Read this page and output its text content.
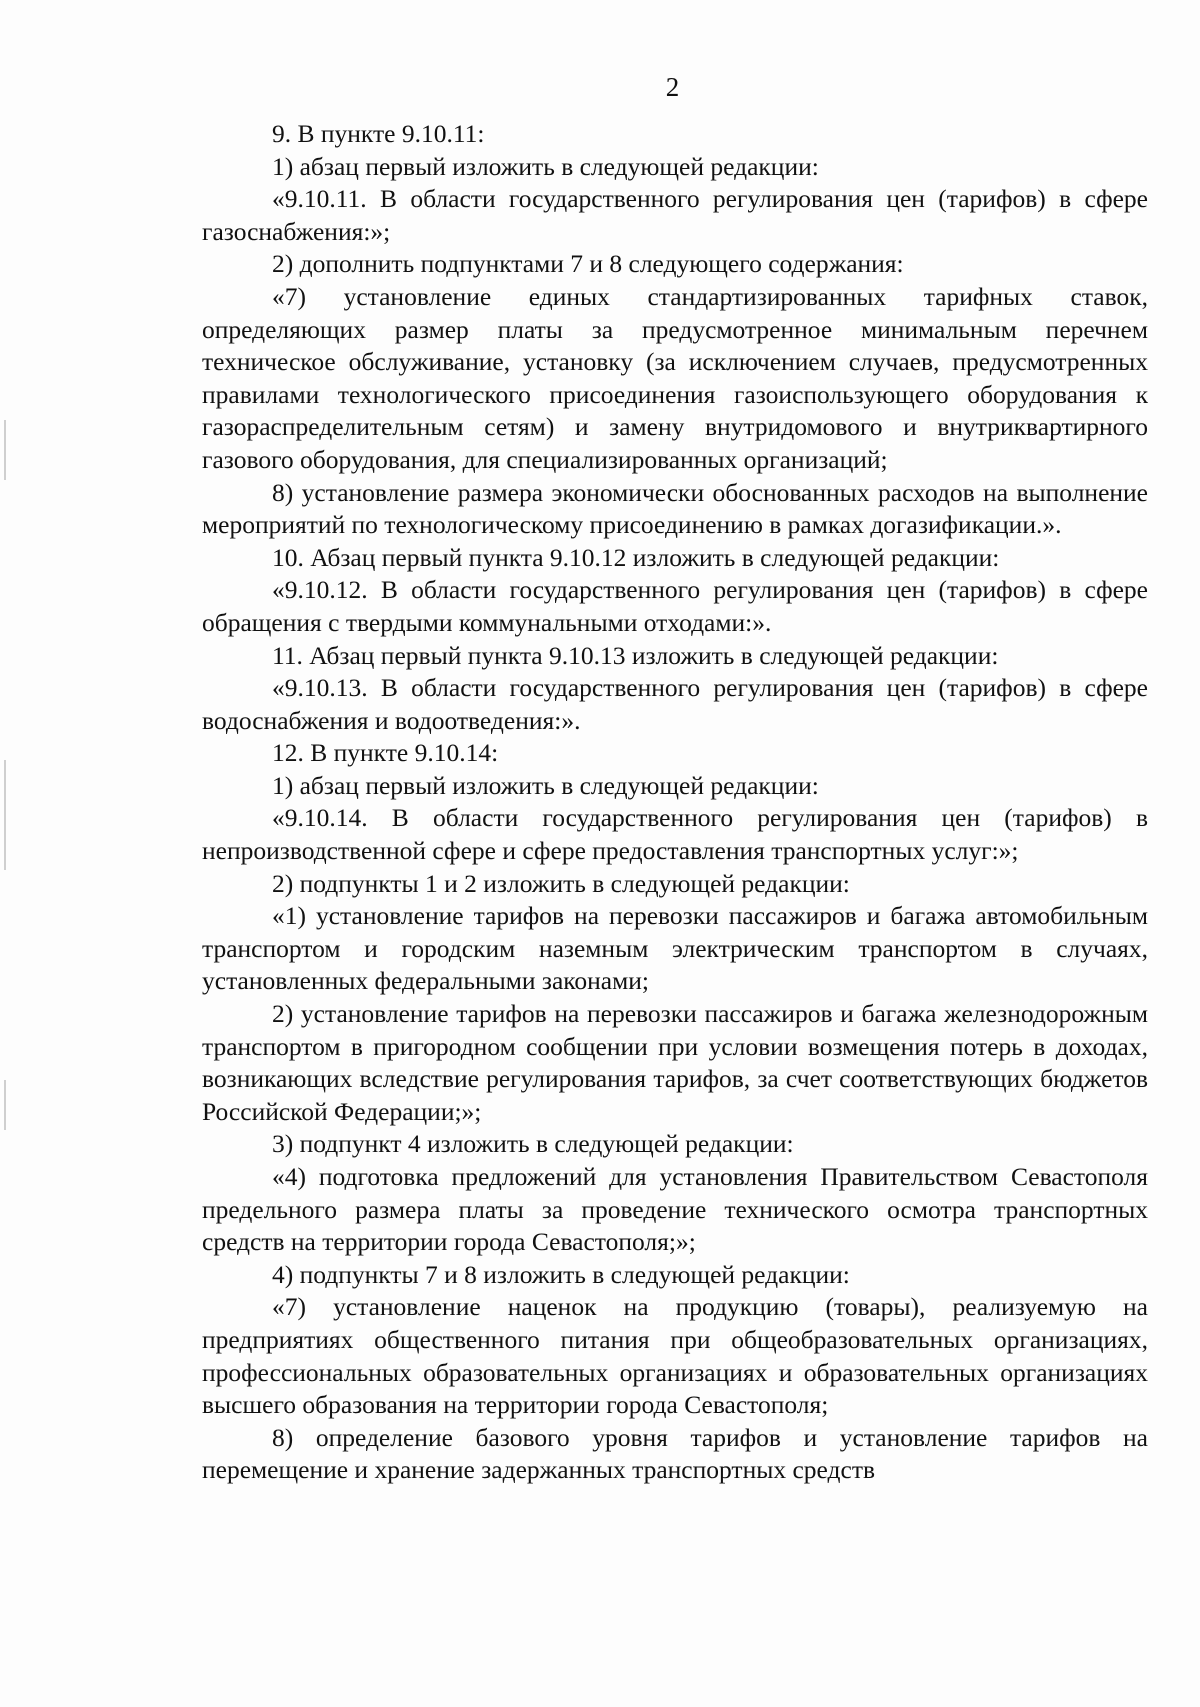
2

9. В пункте 9.10.11:

1) абзац первый изложить в следующей редакции:

«9.10.11. В области государственного регулирования цен (тарифов) в сфере газоснабжения:»;

2) дополнить подпунктами 7 и 8 следующего содержания:

«7) установление единых стандартизированных тарифных ставок, определяющих размер платы за предусмотренное минимальным перечнем техническое обслуживание, установку (за исключением случаев, предусмотренных правилами технологического присоединения газоиспользующего оборудования к газораспределительным сетям) и замену внутридомового и внутриквартирного газового оборудования, для специализированных организаций;

8) установление размера экономически обоснованных расходов на выполнение мероприятий по технологическому присоединению в рамках догазификации.».

10. Абзац первый пункта 9.10.12 изложить в следующей редакции:

«9.10.12. В области государственного регулирования цен (тарифов) в сфере обращения с твердыми коммунальными отходами:».

11. Абзац первый пункта 9.10.13 изложить в следующей редакции:

«9.10.13. В области государственного регулирования цен (тарифов) в сфере водоснабжения и водоотведения:».

12. В пункте 9.10.14:

1) абзац первый изложить в следующей редакции:

«9.10.14. В области государственного регулирования цен (тарифов) в непроизводственной сфере и сфере предоставления транспортных услуг:»;

2) подпункты 1 и 2 изложить в следующей редакции:

«1) установление тарифов на перевозки пассажиров и багажа автомобильным транспортом и городским наземным электрическим транспортом в случаях, установленных федеральными законами;

2) установление тарифов на перевозки пассажиров и багажа железнодорожным транспортом в пригородном сообщении при условии возмещения потерь в доходах, возникающих вследствие регулирования тарифов, за счет соответствующих бюджетов Российской Федерации;»;

3) подпункт 4 изложить в следующей редакции:

«4) подготовка предложений для установления Правительством Севастополя предельного размера платы за проведение технического осмотра транспортных средств на территории города Севастополя;»;

4) подпункты 7 и 8 изложить в следующей редакции:

«7) установление наценок на продукцию (товары), реализуемую на предприятиях общественного питания при общеобразовательных организациях, профессиональных образовательных организациях и образовательных организациях высшего образования на территории города Севастополя;

8) определение базового уровня тарифов и установление тарифов на перемещение и хранение задержанных транспортных средств
